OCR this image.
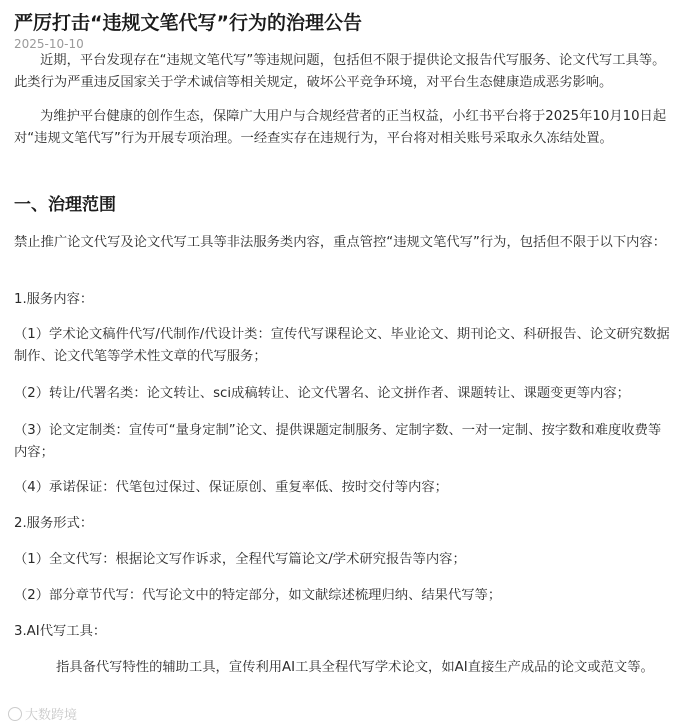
严厉打击“违规文笔代写”行为的治理公告
2025-10-10

近期，平台发现存在“违规文笔代写”等违规问题，包括但不限于提供论文报告代写服务、论文代写工具等。此类行为严重违反国家关于学术诚信等相关规定，破坏公平竞争环境，对平台生态健康造成恶劣影响。

为维护平台健康的创作生态，保障广大用户与合规经营者的正当权益，小红书平台将于2025年10月10日起对“违规文笔代写”行为开展专项治理。一经查实存在违规行为，平台将对相关账号采取永久冻结处置。

一、治理范围

禁止推广论文代写及论文代写工具等非法服务类内容，重点管控“违规文笔代写”行为，包括但不限于以下内容：

1.服务内容：

（1）学术论文稿件代写/代制作/代设计类：宣传代写课程论文、毕业论文、期刊论文、科研报告、论文研究数据制作、论文代笔等学术性文章的代写服务；

（2）转让/代署名类：论文转让、sci成稿转让、论文代署名、论文拼作者、课题转让、课题变更等内容；

（3）论文定制类：宣传可“量身定制”论文、提供课题定制服务、定制字数、一对一定制、按字数和难度收费等内容；

（4）承诺保证：代笔包过保过、保证原创、重复率低、按时交付等内容；

2.服务形式：

（1）全文代写：根据论文写作诉求，全程代写篇论文/学术研究报告等内容；

（2）部分章节代写：代写论文中的特定部分，如文献综述梳理归纳、结果代写等；

3.AI代写工具：

指具备代写特性的辅助工具，宣传利用AI工具全程代写学术论文，如AI直接生产成品的论文或范文等。

大数跨境
